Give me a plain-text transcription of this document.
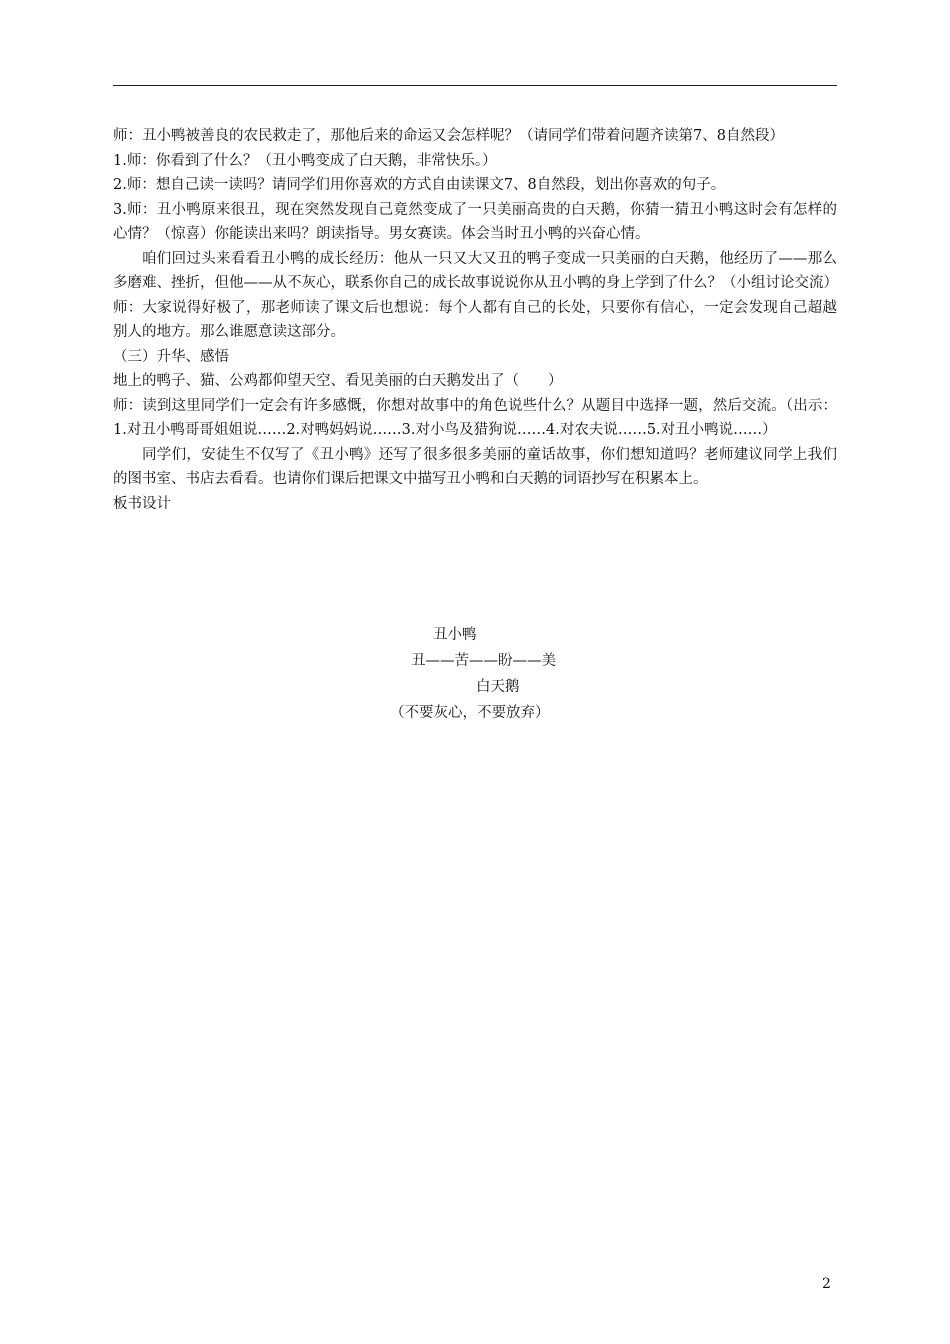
师：丑小鸭被善良的农民救走了，那他后来的命运又会怎样呢？（请同学们带着问题齐读第7、8自然段）

1.师：你看到了什么？（丑小鸭变成了白天鹅，非常快乐。）

2.师：想自己读一读吗？请同学们用你喜欢的方式自由读课文7、8自然段，划出你喜欢的句子。

3.师：丑小鸭原来很丑，现在突然发现自己竟然变成了一只美丽高贵的白天鹅，你猜一猜丑小鸭这时会有怎样的心情？（惊喜）你能读出来吗？朗读指导。男女赛读。体会当时丑小鸭的兴奋心情。

咱们回过头来看看丑小鸭的成长经历：他从一只又大又丑的鸭子变成一只美丽的白天鹅，他经历了——那么多磨难、挫折，但他——从不灰心，联系你自己的成长故事说说你从丑小鸭的身上学到了什么？（小组讨论交流）

师：大家说得好极了，那老师读了课文后也想说：每个人都有自己的长处，只要你有信心，一定会发现自己超越别人的地方。那么谁愿意读这部分。

（三）升华、感悟

地上的鸭子、猫、公鸡都仰望天空、看见美丽的白天鹅发出了（　　）

师：读到这里同学们一定会有许多感慨，你想对故事中的角色说些什么？从题目中选择一题，然后交流。（出示：1.对丑小鸭哥哥姐姐说……2.对鸭妈妈说……3.对小鸟及猎狗说……4.对农夫说……5.对丑小鸭说……）

同学们，安徒生不仅写了《丑小鸭》还写了很多很多美丽的童话故事，你们想知道吗？老师建议同学上我们的图书室、书店去看看。也请你们课后把课文中描写丑小鸭和白天鹅的词语抄写在积累本上。

板书设计

丑小鸭
丑——苦——盼——美
白天鹅
（不要灰心，不要放弃）
2
